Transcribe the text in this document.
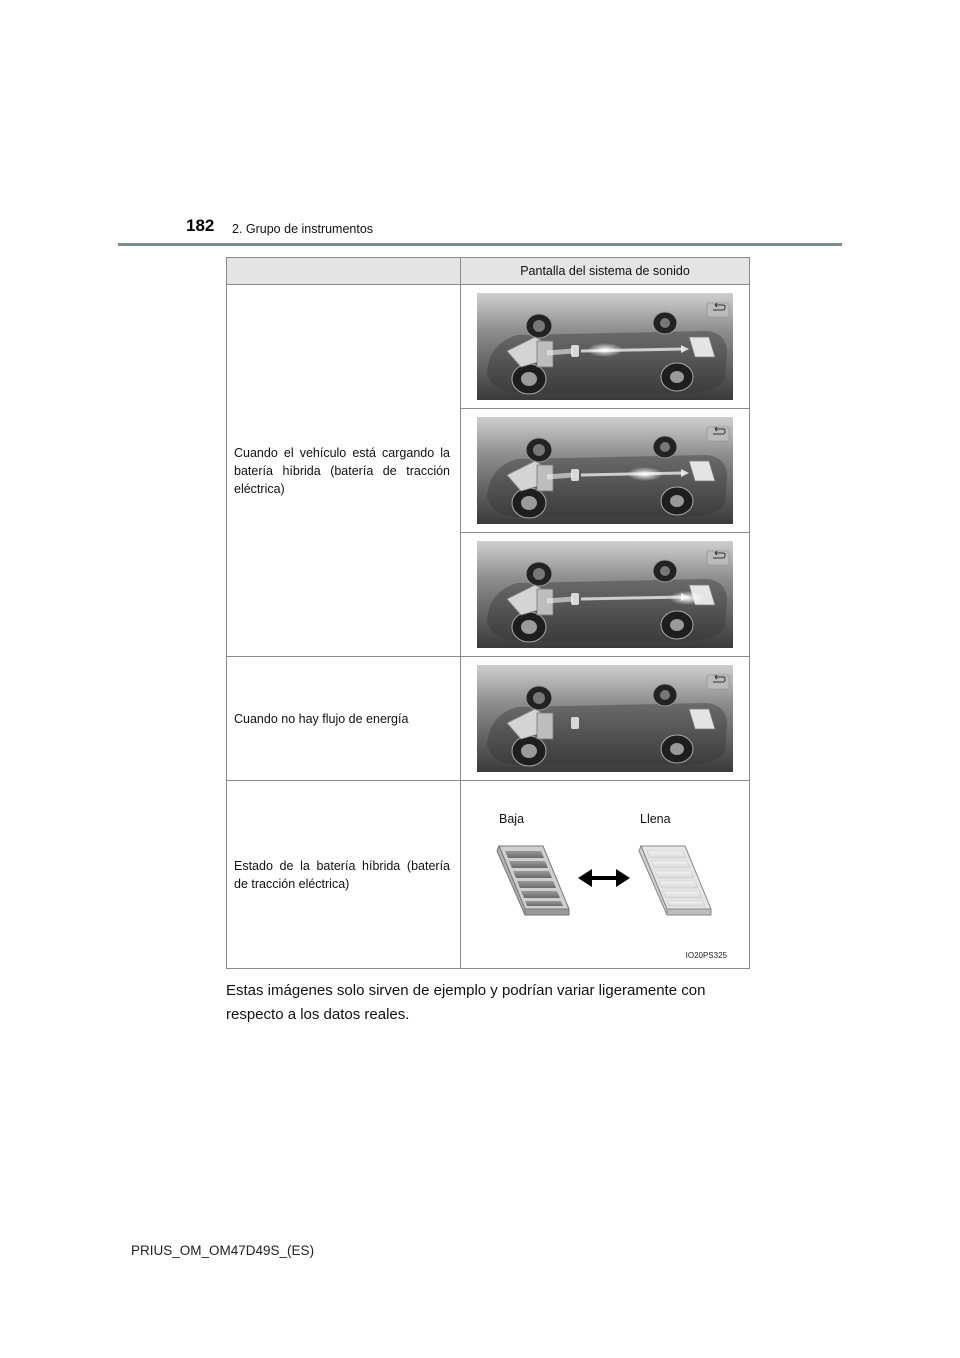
182 2. Grupo de instrumentos
	Pantalla del sistema de sonido
Cuando el vehículo está cargando la batería híbrida (batería de tracción eléctrica)	

Cuando no hay flujo de energía	

Estado de la batería híbrida (batería de tracción eléctrica)	Baja Llena
IO20PS325
Estas imágenes solo sirven de ejemplo y podrían variar ligeramente con respecto a los datos reales.
PRIUS_OM_OM47D49S_(ES)
